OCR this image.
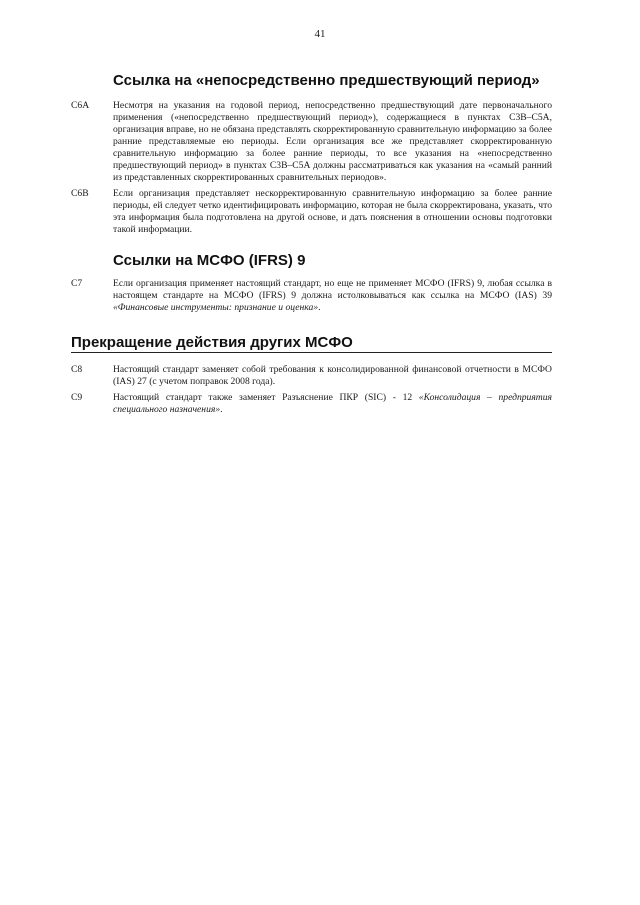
41
Ссылка на «непосредственно предшествующий период»
C6A Несмотря на указания на годовой период, непосредственно предшествующий дате первоначального применения («непосредственно предшествующий период»), содержащиеся в пунктах C3B–C5A, организация вправе, но не обязана представлять скорректированную сравнительную информацию за более ранние представляемые ею периоды. Если организация все же представляет скорректированную сравнительную информацию за более ранние периоды, то все указания на «непосредственно предшествующий период» в пунктах C3B–C5A должны рассматриваться как указания на «самый ранний из представленных скорректированных сравнительных периодов».
C6B	Если организация представляет нескорректированную сравнительную информацию за более ранние периоды, ей следует четко идентифицировать информацию, которая не была скорректирована, указать, что эта информация была подготовлена на другой основе, и дать пояснения в отношении основы подготовки такой информации.
Ссылки на МСФО (IFRS) 9
C7	Если организация применяет настоящий стандарт, но еще не применяет МСФО (IFRS) 9, любая ссылка в настоящем стандарте на МСФО (IFRS) 9 должна истолковываться как ссылка на МСФО (IAS) 39 «Финансовые инструменты: признание и оценка».
Прекращение действия других МСФО
C8	Настоящий стандарт заменяет собой требования к консолидированной финансовой отчетности в МСФО (IAS) 27 (с учетом поправок 2008 года).
C9	Настоящий стандарт также заменяет Разъяснение ПКР (SIC) - 12 «Консолидация – предприятия специального назначения».
